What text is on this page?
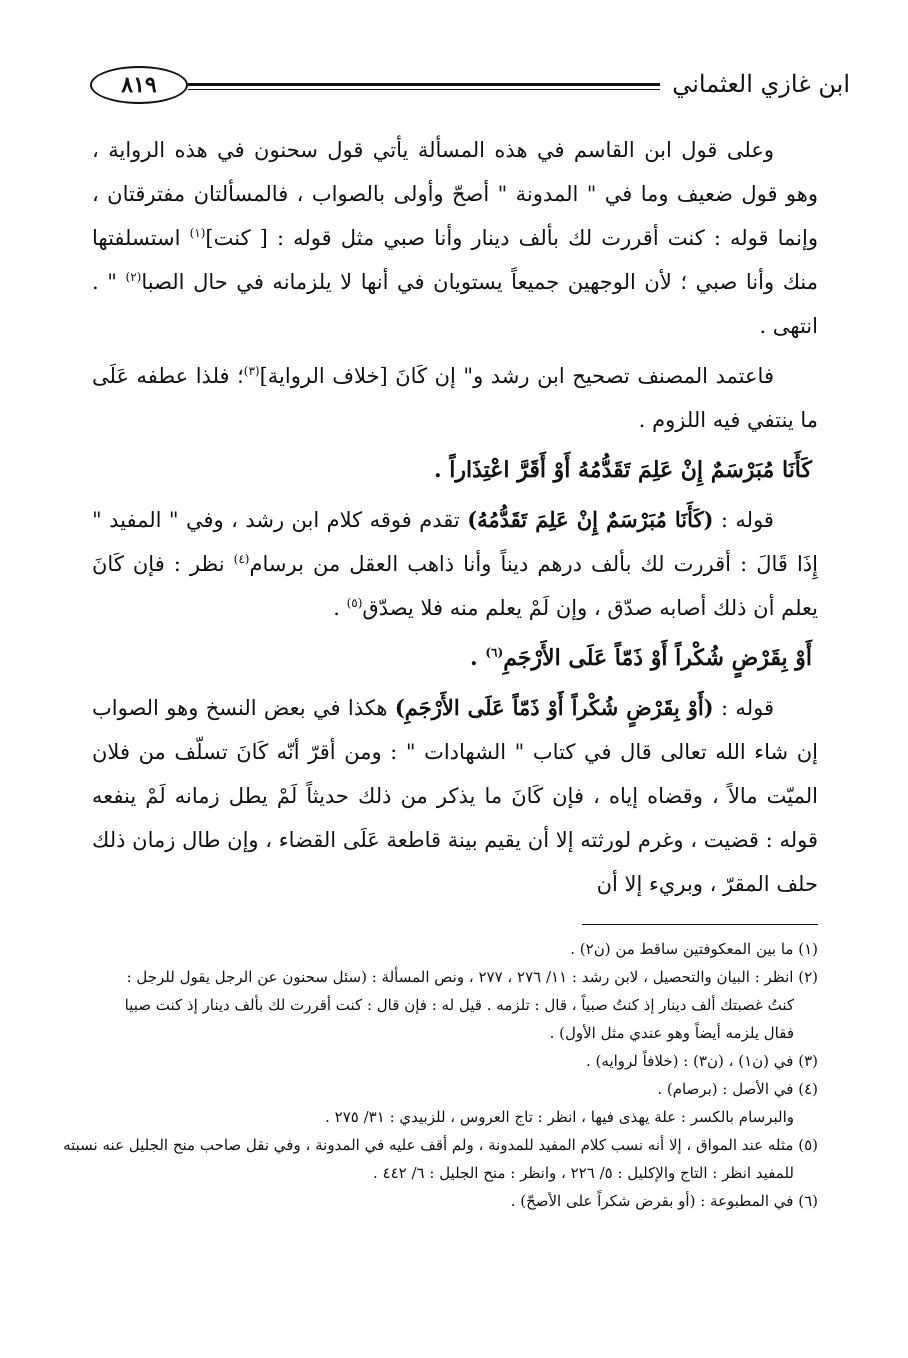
٨١٩	ابن غازي العثماني

وعلى قول ابن القاسم في هذه المسألة يأتي قول سحنون في هذه الرواية ، وهو قول ضعيف وما في " المدونة " أصحّ وأولى بالصواب ، فالمسألتان مفترقتان ، وإنما قوله : كنت أقررت لك بألف دينار وأنا صبي مثل قوله : [ كنت]$^{(١)}$ استسلفتها منك وأنا صبي ؛ لأن الوجهين جميعاً يستويان في أنها لا يلزمانه في حال الصبا$^{(٢)}$ " . انتهى .

فاعتمد المصنف تصحيح ابن رشد و" إن كَانَ [خلاف الرواية]$^{(٣)}$؛ فلذا عطفه عَلَى ما ينتفي فيه اللزوم .

كَأَنَا مُبَرْسَمٌ إِنْ عَلِمَ تَقَدُّمُهُ أَوْ أَقَرَّ اعْتِذَاراً .

قوله : (كَأَنَا مُبَرْسَمٌ إِنْ عَلِمَ تَقَدُّمُهُ) تقدم فوقه كلام ابن رشد ، وفي " المفيد " إِذَا قَالَ : أقررت لك بألف درهم ديناً وأنا ذاهب العقل من برسام$^{(٤)}$ نظر : فإن كَانَ يعلم أن ذلك أصابه صدّق ، وإن لَمْ يعلم منه فلا يصدّق$^{(٥)}$ .

أَوْ بِقَرْضٍ شُكْراً أَوْ ذَمّاً عَلَى الأَرْجَمِ$^{(٦)}$ .

قوله : (أَوْ بِقَرْضٍ شُكْراً أَوْ ذَمّاً عَلَى الأَرْجَمِ) هكذا في بعض النسخ وهو الصواب إن شاء الله تعالى قال في كتاب " الشهادات " : ومن أقرّ أنّه كَانَ تسلّف من فلان الميّت مالاً ، وقضاه إياه ، فإن كَانَ ما يذكر من ذلك حديثاً لَمْ يطل زمانه لَمْ ينفعه قوله : قضيت ، وغرم لورثته إلا أن يقيم بينة قاطعة عَلَى القضاء ، وإن طال زمان ذلك حلف المقرّ ، وبريء إلا أن

(١) ما بين المعكوفتين ساقط من (ن٢) .
(٢) انظر : البيان والتحصيل ، لابن رشد : ١١/ ٢٧٦ ، ٢٧٧ ، ونص المسألة : (سئل سحنون عن الرجل يقول للرجل :
كنتُ غصبتك ألف دينار إذ كنتُ صبياً ، قال : تلزمه . قيل له : فإن قال : كنت أقررت لك بألف دينار إذ كنت صبيا
فقال يلزمه أيضاً وهو عندي مثل الأول) .
(٣) في (ن١) ، (ن٣) : (خلافاً لروايه) .
(٤) في الأصل : (برصام) .
والبرسام بالكسر : علة يهذى فيها ، انظر : تاج العروس ، للزبيدي : ٣١/ ٢٧٥ .
(٥) مثله عند المواق ، إلا أنه نسب كلام المفيد للمدونة ، ولم أقف عليه في المدونة ، وفي نقل صاحب منح الجليل عنه نسبته
للمفيد انظر : التاج والإكليل : ٥/ ٢٢٦ ، وانظر : منح الجليل : ٦/ ٤٤٢ .
(٦) في المطبوعة : (أو بقرض شكراً على الأصحّ) .
